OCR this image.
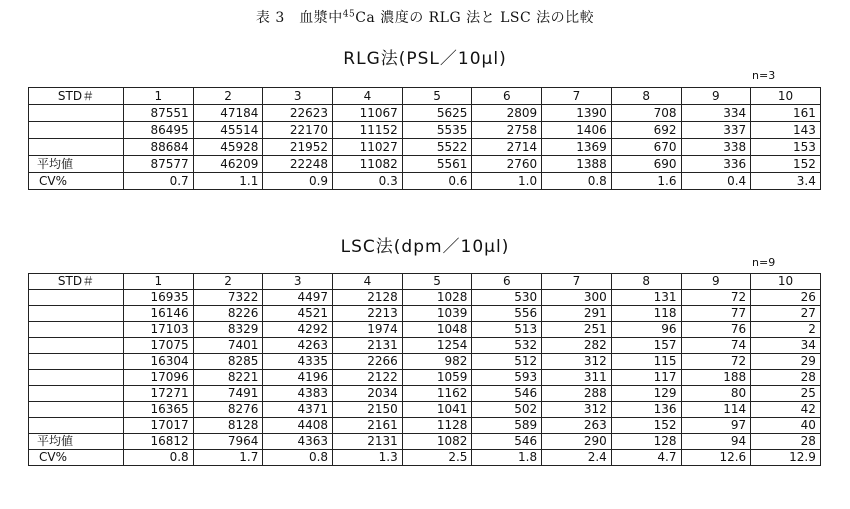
表 3　血漿中$^{45}$Ca 濃度の RLG 法と LSC 法の比較
RLG法(PSL／10μl)
n=3
STD＃	1	2	3	4	5	6	7	8	9	10
	87551	47184	22623	11067	5625	2809	1390	708	334	161
	86495	45514	22170	11152	5535	2758	1406	692	337	143
	88684	45928	21952	11027	5522	2714	1369	670	338	153
平均値	87577	46209	22248	11082	5561	2760	1388	690	336	152
CV%	0.7	1.1	0.9	0.3	0.6	1.0	0.8	1.6	0.4	3.4
LSC法(dpm／10μl)
n=9
STD＃	1	2	3	4	5	6	7	8	9	10
	16935	7322	4497	2128	1028	530	300	131	72	26
	16146	8226	4521	2213	1039	556	291	118	77	27
	17103	8329	4292	1974	1048	513	251	96	76	2
	17075	7401	4263	2131	1254	532	282	157	74	34
	16304	8285	4335	2266	982	512	312	115	72	29
	17096	8221	4196	2122	1059	593	311	117	188	28
	17271	7491	4383	2034	1162	546	288	129	80	25
	16365	8276	4371	2150	1041	502	312	136	114	42
	17017	8128	4408	2161	1128	589	263	152	97	40
平均値	16812	7964	4363	2131	1082	546	290	128	94	28
CV%	0.8	1.7	0.8	1.3	2.5	1.8	2.4	4.7	12.6	12.9
